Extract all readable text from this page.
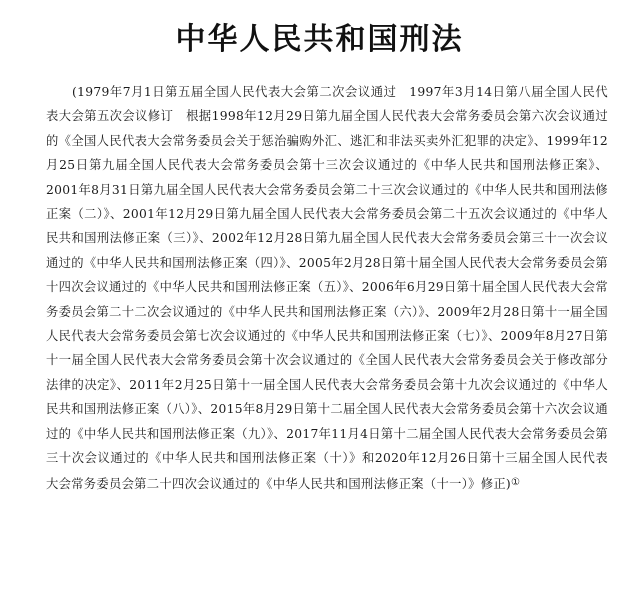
中华人民共和国刑法

(1979年7月1日第五届全国人民代表大会第二次会议通过　1997年3月14日第八届全国人民代表大会第五次会议修订　根据1998年12月29日第九届全国人民代表大会常务委员会第六次会议通过的《全国人民代表大会常务委员会关于惩治骗购外汇、逃汇和非法买卖外汇犯罪的决定》、1999年12月25日第九届全国人民代表大会常务委员会第十三次会议通过的《中华人民共和国刑法修正案》、2001年8月31日第九届全国人民代表大会常务委员会第二十三次会议通过的《中华人民共和国刑法修正案（二）》、2001年12月29日第九届全国人民代表大会常务委员会第二十五次会议通过的《中华人民共和国刑法修正案（三）》、2002年12月28日第九届全国人民代表大会常务委员会第三十一次会议通过的《中华人民共和国刑法修正案（四）》、2005年2月28日第十届全国人民代表大会常务委员会第十四次会议通过的《中华人民共和国刑法修正案（五）》、2006年6月29日第十届全国人民代表大会常务委员会第二十二次会议通过的《中华人民共和国刑法修正案（六）》、2009年2月28日第十一届全国人民代表大会常务委员会第七次会议通过的《中华人民共和国刑法修正案（七）》、2009年8月27日第十一届全国人民代表大会常务委员会第十次会议通过的《全国人民代表大会常务委员会关于修改部分法律的决定》、2011年2月25日第十一届全国人民代表大会常务委员会第十九次会议通过的《中华人民共和国刑法修正案（八）》、2015年8月29日第十二届全国人民代表大会常务委员会第十六次会议通过的《中华人民共和国刑法修正案（九）》、2017年11月4日第十二届全国人民代表大会常务委员会第三十次会议通过的《中华人民共和国刑法修正案（十）》和2020年12月26日第十三届全国人民代表大会常务委员会第二十四次会议通过的《中华人民共和国刑法修正案（十一）》修正)①
